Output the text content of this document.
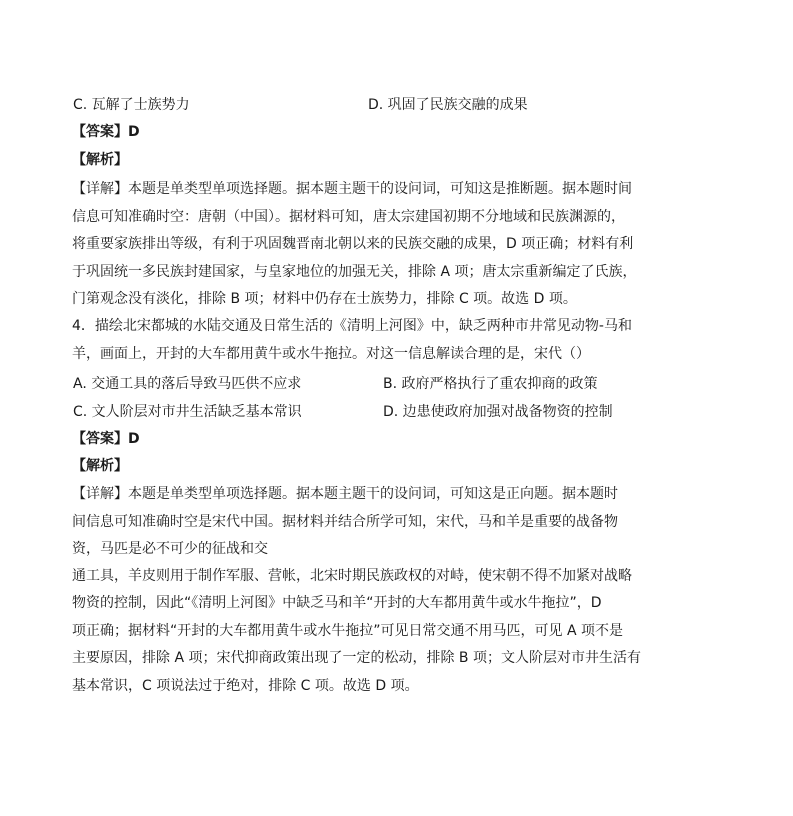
C. 瓦解了士族势力	D. 巩固了民族交融的成果
【答案】D
【解析】
【详解】本题是单类型单项选择题。据本题主题干的设问词，可知这是推断题。据本题时间
信息可知准确时空：唐朝（中国）。据材料可知，唐太宗建国初期不分地域和民族渊源的，
将重要家族排出等级，有利于巩固魏晋南北朝以来的民族交融的成果，D 项正确；材料有利
于巩固统一多民族封建国家，与皇家地位的加强无关，排除 A 项；唐太宗重新编定了氏族，
门第观念没有淡化，排除 B 项；材料中仍存在士族势力，排除 C 项。故选 D 项。
4．描绘北宋都城的水陆交通及日常生活的《清明上河图》中，缺乏两种市井常见动物-马和
羊，画面上，开封的大车都用黄牛或水牛拖拉。对这一信息解读合理的是，宋代（）
A. 交通工具的落后导致马匹供不应求	B. 政府严格执行了重农抑商的政策
C. 文人阶层对市井生活缺乏基本常识	D. 边患使政府加强对战备物资的控制
【答案】D
【解析】
【详解】本题是单类型单项选择题。据本题主题干的设问词，可知这是正向题。据本题时
间信息可知准确时空是宋代中国。据材料并结合所学可知，宋代，马和羊是重要的战备物
资，马匹是必不可少的征战和交
通工具，羊皮则用于制作军服、营帐，北宋时期民族政权的对峙，使宋朝不得不加紧对战略
物资的控制，因此“《清明上河图》中缺乏马和羊“开封的大车都用黄牛或水牛拖拉”，D
项正确；据材料“开封的大车都用黄牛或水牛拖拉”可见日常交通不用马匹，可见 A 项不是
主要原因，排除 A 项；宋代抑商政策出现了一定的松动，排除 B 项；文人阶层对市井生活有
基本常识，C 项说法过于绝对，排除 C 项。故选 D 项。
